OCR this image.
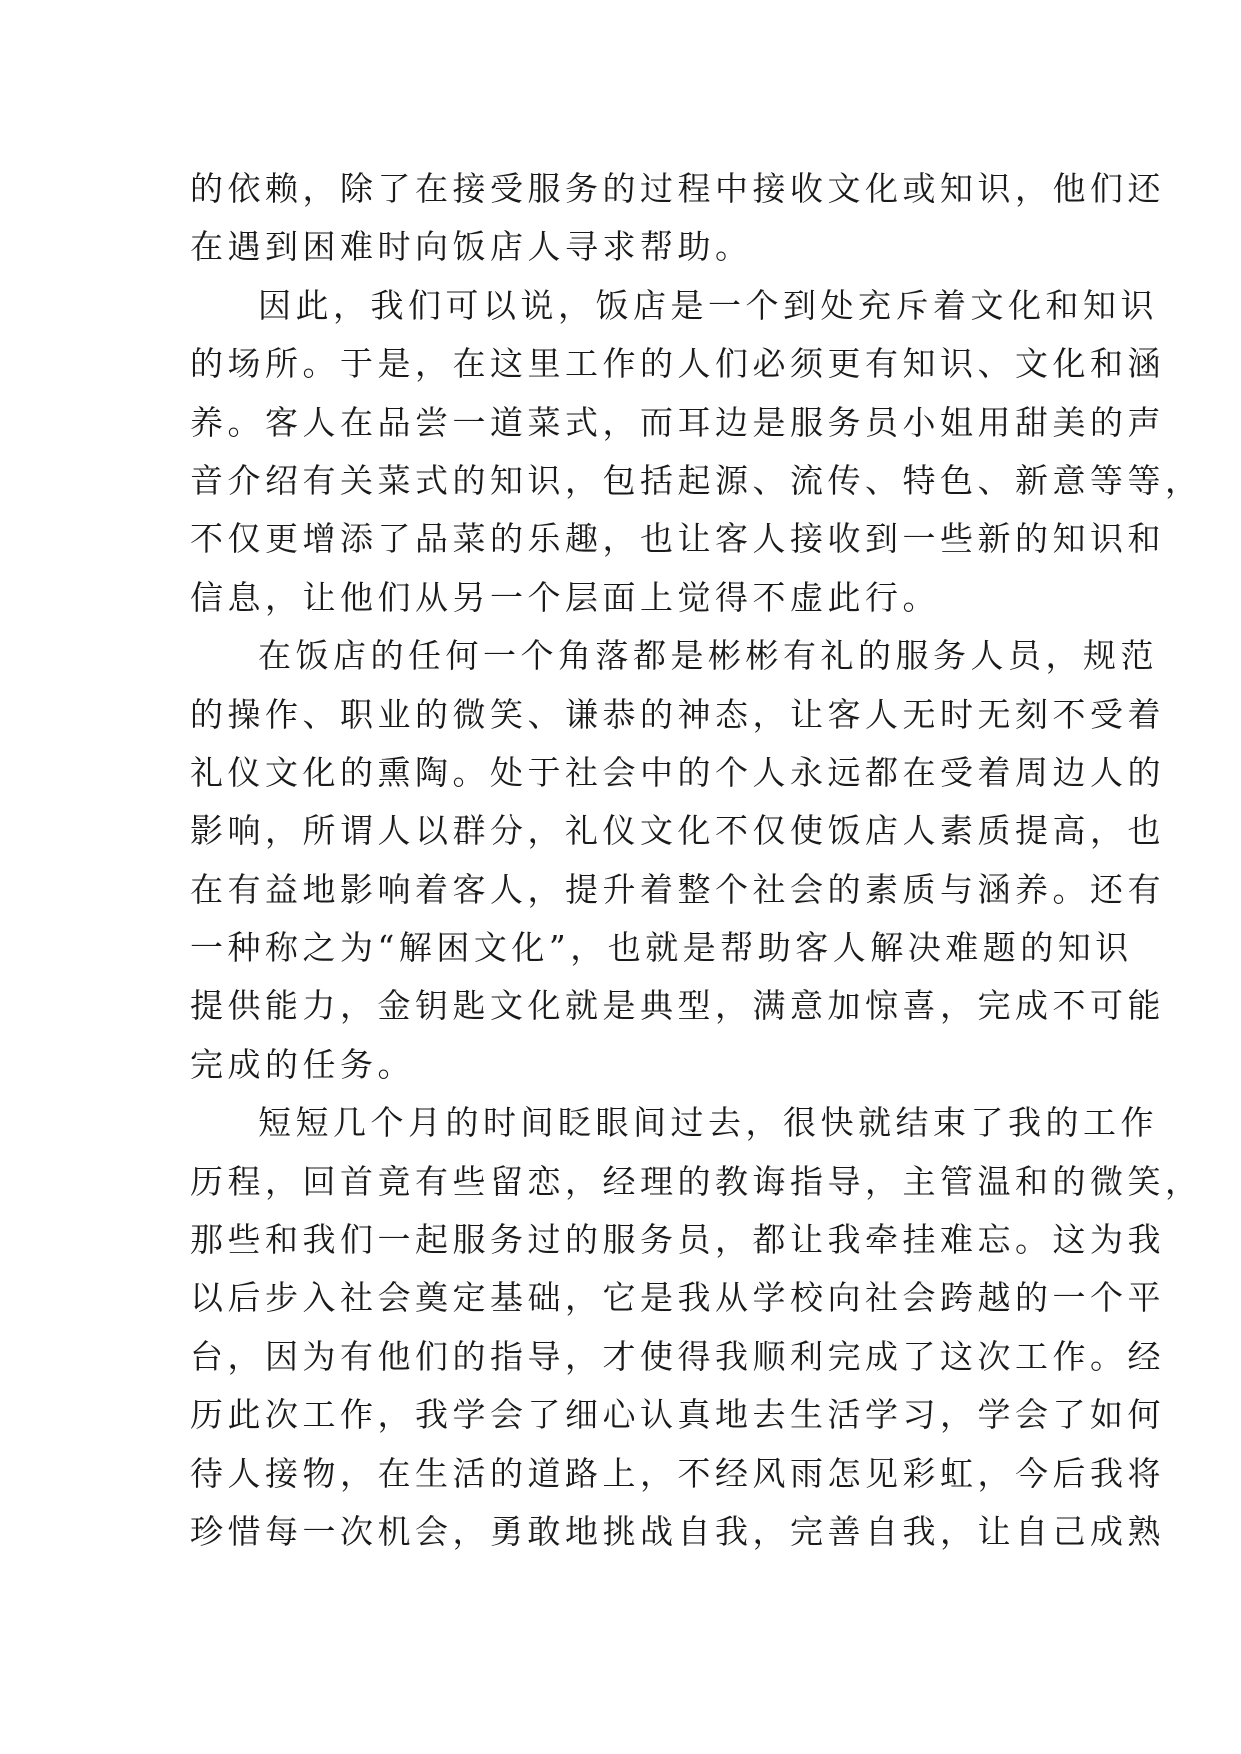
的依赖，除了在接受服务的过程中接收文化或知识，他们还
在遇到困难时向饭店人寻求帮助。
因此，我们可以说，饭店是一个到处充斥着文化和知识
的场所。于是，在这里工作的人们必须更有知识、文化和涵
养。客人在品尝一道菜式，而耳边是服务员小姐用甜美的声
音介绍有关菜式的知识，包括起源、流传、特色、新意等等，
不仅更增添了品菜的乐趣，也让客人接收到一些新的知识和
信息，让他们从另一个层面上觉得不虚此行。
在饭店的任何一个角落都是彬彬有礼的服务人员，规范
的操作、职业的微笑、谦恭的神态，让客人无时无刻不受着
礼仪文化的熏陶。处于社会中的个人永远都在受着周边人的
影响，所谓人以群分，礼仪文化不仅使饭店人素质提高，也
在有益地影响着客人，提升着整个社会的素质与涵养。还有
一种称之为“解困文化”，也就是帮助客人解决难题的知识
提供能力，金钥匙文化就是典型，满意加惊喜，完成不可能
完成的任务。
短短几个月的时间眨眼间过去，很快就结束了我的工作
历程，回首竟有些留恋，经理的教诲指导，主管温和的微笑，
那些和我们一起服务过的服务员，都让我牵挂难忘。这为我
以后步入社会奠定基础，它是我从学校向社会跨越的一个平
台，因为有他们的指导，才使得我顺利完成了这次工作。经
历此次工作，我学会了细心认真地去生活学习，学会了如何
待人接物，在生活的道路上，不经风雨怎见彩虹，今后我将
珍惜每一次机会，勇敢地挑战自我，完善自我，让自己成熟
